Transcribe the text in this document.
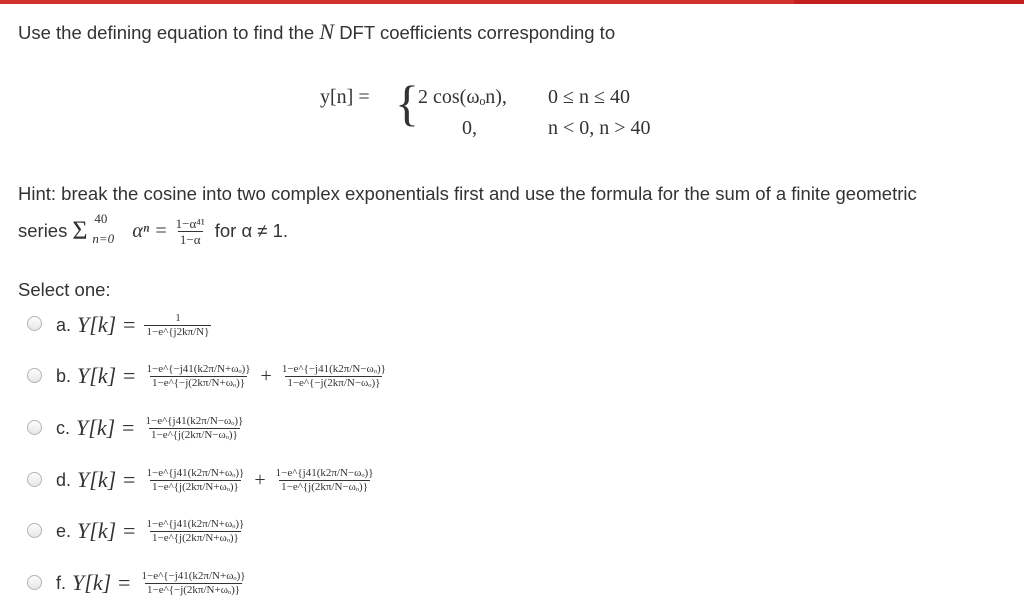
Use the defining equation to find the N DFT coefficients corresponding to
y[n] = { 2 cos(ωₒn), 0 ≤ n ≤ 40
0,	n < 0, n > 40
Hint: break the cosine into two complex exponentials first and use the formula for the sum of a finite geometric
series Σ 40
n=0 $\alpha^n = \frac{\text{1−α⁴¹}}{1-\alpha}$ for α ≠ 1.
Select one:
a. $Y[k] = \frac{1}{1-e\^{}\{j2k\pi/N\}}$
b. $Y[k] = \frac{\text{1−e\textasciicircum{}\{−j41(k2π/N+ωₒ)\}}}{\text{1−e\textasciicircum{}\{−j(2kπ/N+ωₒ)\}}} + \frac{\text{1−e\textasciicircum{}\{−j41(k2π/N−ωₒ)\}}}{\text{1−e\textasciicircum{}\{−j(2kπ/N−ωₒ)\}}}$
c. $Y[k] = \frac{\text{1−e\textasciicircum{}\{j41(k2π/N−ωₒ)\}}}{\text{1−e\textasciicircum{}\{j(2kπ/N−ωₒ)\}}}$
d. $Y[k] = \frac{\text{1−e\textasciicircum{}\{j41(k2π/N+ωₒ)\}}}{\text{1−e\textasciicircum{}\{j(2kπ/N+ωₒ)\}}} + \frac{\text{1−e\textasciicircum{}\{j41(k2π/N−ωₒ)\}}}{\text{1−e\textasciicircum{}\{j(2kπ/N−ωₒ)\}}}$
e. $Y[k] = \frac{\text{1−e\textasciicircum{}\{j41(k2π/N+ωₒ)\}}}{\text{1−e\textasciicircum{}\{j(2kπ/N+ωₒ)\}}}$
f. $Y[k] = \frac{\text{1−e\textasciicircum{}\{−j41(k2π/N+ωₒ)\}}}{\text{1−e\textasciicircum{}\{−j(2kπ/N+ωₒ)\}}}$
